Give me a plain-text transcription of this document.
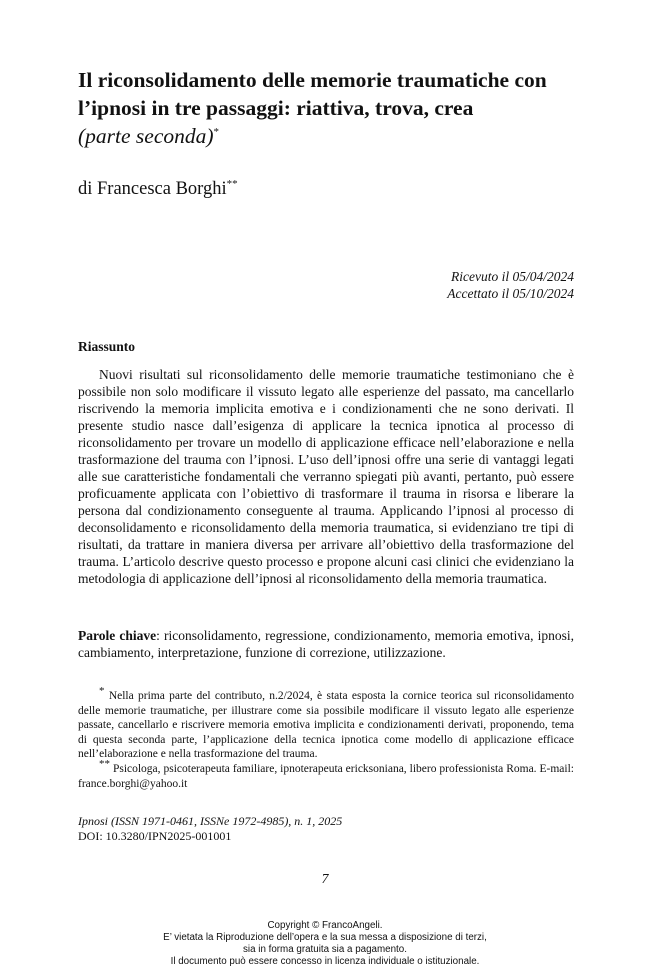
Il riconsolidamento delle memorie traumatiche con l’ipnosi in tre passaggi: riattiva, trova, crea
(parte seconda)*
di Francesca Borghi**
Ricevuto il 05/04/2024
Accettato il 05/10/2024
Riassunto

Nuovi risultati sul riconsolidamento delle memorie traumatiche testimoniano che è possibile non solo modificare il vissuto legato alle esperienze del passato, ma cancellarlo riscrivendo la memoria implicita emotiva e i condizionamenti che ne sono derivati. Il presente studio nasce dall’esigenza di applicare la tecnica ipnotica al processo di riconsolidamento per trovare un modello di applicazione efficace nell’elaborazione e nella trasformazione del trauma con l’ipnosi. L’uso dell’ipnosi offre una serie di vantaggi legati alle sue caratteristiche fondamentali che verranno spiegati più avanti, pertanto, può essere proficuamente applicata con l’obiettivo di trasformare il trauma in risorsa e liberare la persona dal condizionamento conseguente al trauma. Applicando l’ipnosi al processo di deconsolidamento e riconsolidamento della memoria traumatica, si evidenziano tre tipi di risultati, da trattare in maniera diversa per arrivare all’obiettivo della trasformazione del trauma. L’articolo descrive questo processo e propone alcuni casi clinici che evidenziano la metodologia di applicazione dell’ipnosi al riconsolidamento della memoria traumatica.

Parole chiave: riconsolidamento, regressione, condizionamento, memoria emotiva, ipnosi, cambiamento, interpretazione, funzione di correzione, utilizzazione.

* Nella prima parte del contributo, n.2/2024, è stata esposta la cornice teorica sul riconsolidamento delle memorie traumatiche, per illustrare come sia possibile modificare il vissuto legato alle esperienze passate, cancellarlo e riscrivere memoria emotiva implicita e condizionamenti derivati, proponendo, tema di questa seconda parte, l’applicazione della tecnica ipnotica come modello di applicazione efficace nell’elaborazione e nella trasformazione del trauma.

** Psicologa, psicoterapeuta familiare, ipnoterapeuta ericksoniana, libero professionista Roma. E-mail: france.borghi@yahoo.it

Ipnosi (ISSN 1971-0461, ISSNe 1972-4985), n. 1, 2025
DOI: 10.3280/IPN2025-001001
7
Copyright © FrancoAngeli.
E’ vietata la Riproduzione dell’opera e la sua messa a disposizione di terzi,
sia in forma gratuita sia a pagamento.
Il documento può essere concesso in licenza individuale o istituzionale.
